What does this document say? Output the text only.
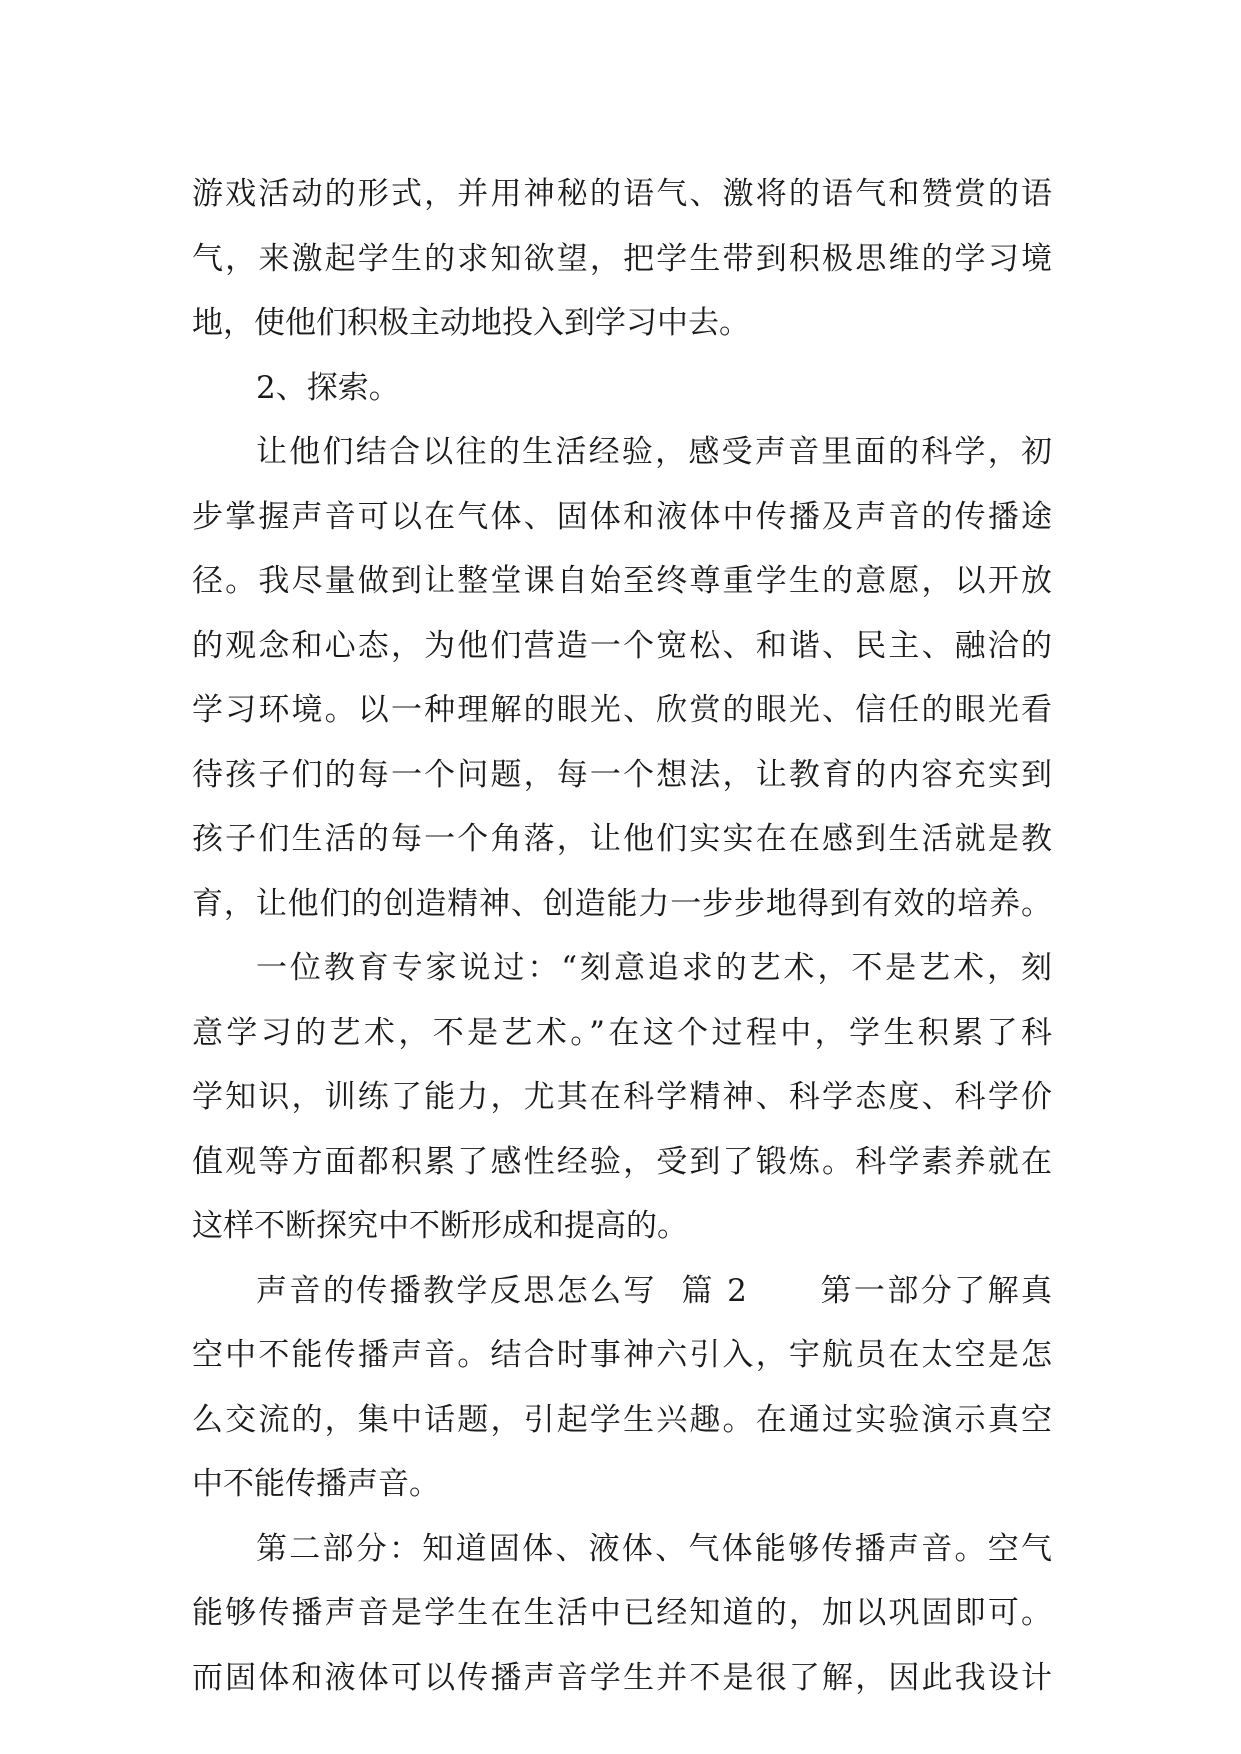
游戏活动的形式，并用神秘的语气、激将的语气和赞赏的语
气，来激起学生的求知欲望，把学生带到积极思维的学习境
地，使他们积极主动地投入到学习中去。
2、探索。
让他们结合以往的生活经验，感受声音里面的科学，初
步掌握声音可以在气体、固体和液体中传播及声音的传播途
径。我尽量做到让整堂课自始至终尊重学生的意愿，以开放
的观念和心态，为他们营造一个宽松、和谐、民主、融洽的
学习环境。以一种理解的眼光、欣赏的眼光、信任的眼光看
待孩子们的每一个问题，每一个想法，让教育的内容充实到
孩子们生活的每一个角落，让他们实实在在感到生活就是教
育，让他们的创造精神、创造能力一步步地得到有效的培养。
一位教育专家说过：“刻意追求的艺术，不是艺术，刻
意学习的艺术，不是艺术。”在这个过程中，学生积累了科
学知识，训练了能力，尤其在科学精神、科学态度、科学价
值观等方面都积累了感性经验，受到了锻炼。科学素养就在
这样不断探究中不断形成和提高的。
声音的传播教学反思怎么写  篇 2      第一部分了解真
空中不能传播声音。结合时事神六引入，宇航员在太空是怎
么交流的，集中话题，引起学生兴趣。在通过实验演示真空
中不能传播声音。
第二部分：知道固体、液体、气体能够传播声音。空气
能够传播声音是学生在生活中已经知道的，加以巩固即可。
而固体和液体可以传播声音学生并不是很了解，因此我设计
